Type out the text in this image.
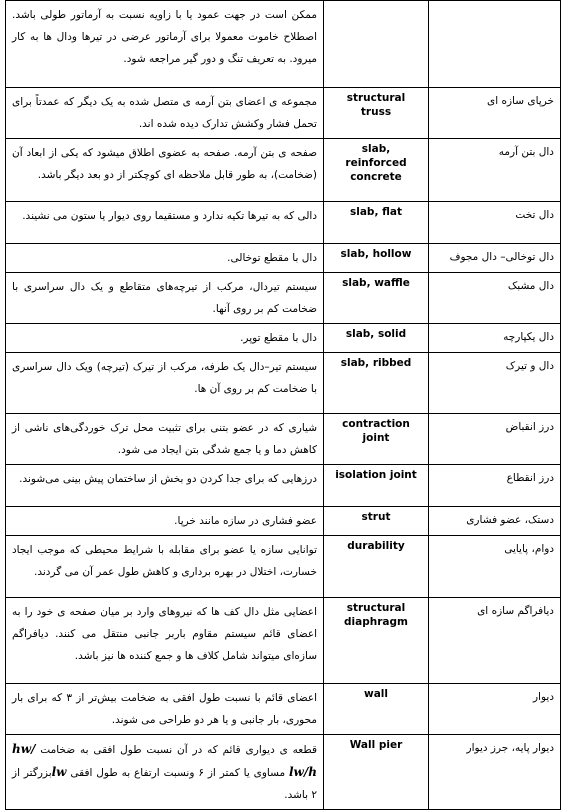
ممکن است در جهت عمود یا با زاویه نسبت به آرماتور طولی باشد. اصطلاح خاموت معمولا برای آرماتور عرضی در تیرها ودال ها به کار میرود. به تعریف تنگ و دور گیر مراجعه شود.		
مجموعه ی اعضای بتن آرمه ی متصل شده به یک دیگر که عمدتاً برای تحمل فشار وکشش تدارک دیده شده اند.	structural truss	خرپای سازه ای
صفحه ی بتن آرمه. صفحه به عضوی اطلاق میشود که یکی از ابعاد آن (ضخامت)، به طور قابل ملاحظه ای کوچکتر از دو بعد دیگر باشد.	slab, reinforced concrete	دال بتن آرمه
دالی که به تیرها تکیه ندارد و مستقیما روی دیوار یا ستون می نشیند.	slab, flat	دال تخت
دال با مقطع توخالی.	slab, hollow	دال توخالی– دال مجوف
سیستم تیردال، مرکب از تیرچه‌های متقاطع و یک دال سراسری با ضخامت کم بر روی آنها.	slab, waffle	دال مشبک
دال با مقطع توپر.	slab, solid	دال یکپارچه
سیستم تیر–دال یک طرفه، مرکب از تیرک (تیرچه) ویک دال سراسری با ضخامت کم بر روی آن ها.	slab, ribbed	دال و تیرک
شیاری که در عضو بتنی برای تثبیت محل ترک خوردگی‌های ناشی از کاهش دما و یا جمع شدگی بتن ایجاد می شود.	contraction joint	درز انقباض
درزهایی که برای جدا کردن دو بخش از ساختمان پیش بینی می‌شوند.	isolation joint	درز انقطاع
عضو فشاری در سازه مانند خرپا.	strut	دستک، عضو فشاری
توانایی سازه یا عضو برای مقابله با شرایط محیطی که موجب ایجاد خسارت، اختلال در بهره برداری و کاهش طول عمر آن می گردند.	durability	دوام، پایایی
اعضایی مثل دال کف ها که نیروهای وارد بر میان صفحه ی خود را به اعضای قائم سیستم مقاوم باربر جانبی منتقل می کنند. دیافراگم سازه‌ای میتواند شامل کلاف ها و جمع کننده ها نیز باشد.	structural diaphragm	دیافراگم سازه ای
اعضای قائم با نسبت طول افقی به ضخامت بیش‌تر از ۳ که برای بار محوری، بار جانبی و یا هر دو طراحی می شوند.	wall	دیوار
قطعه ی دیواری قائم که در آن نسبت طول افقی به ضخامت hw/ lw/h مساوی یا کمتر از ۶ ونسبت ارتفاع به طول افقی lwبزرگتر از ۲ باشد.	Wall pier	دیوار پایه، جرز دیوار
